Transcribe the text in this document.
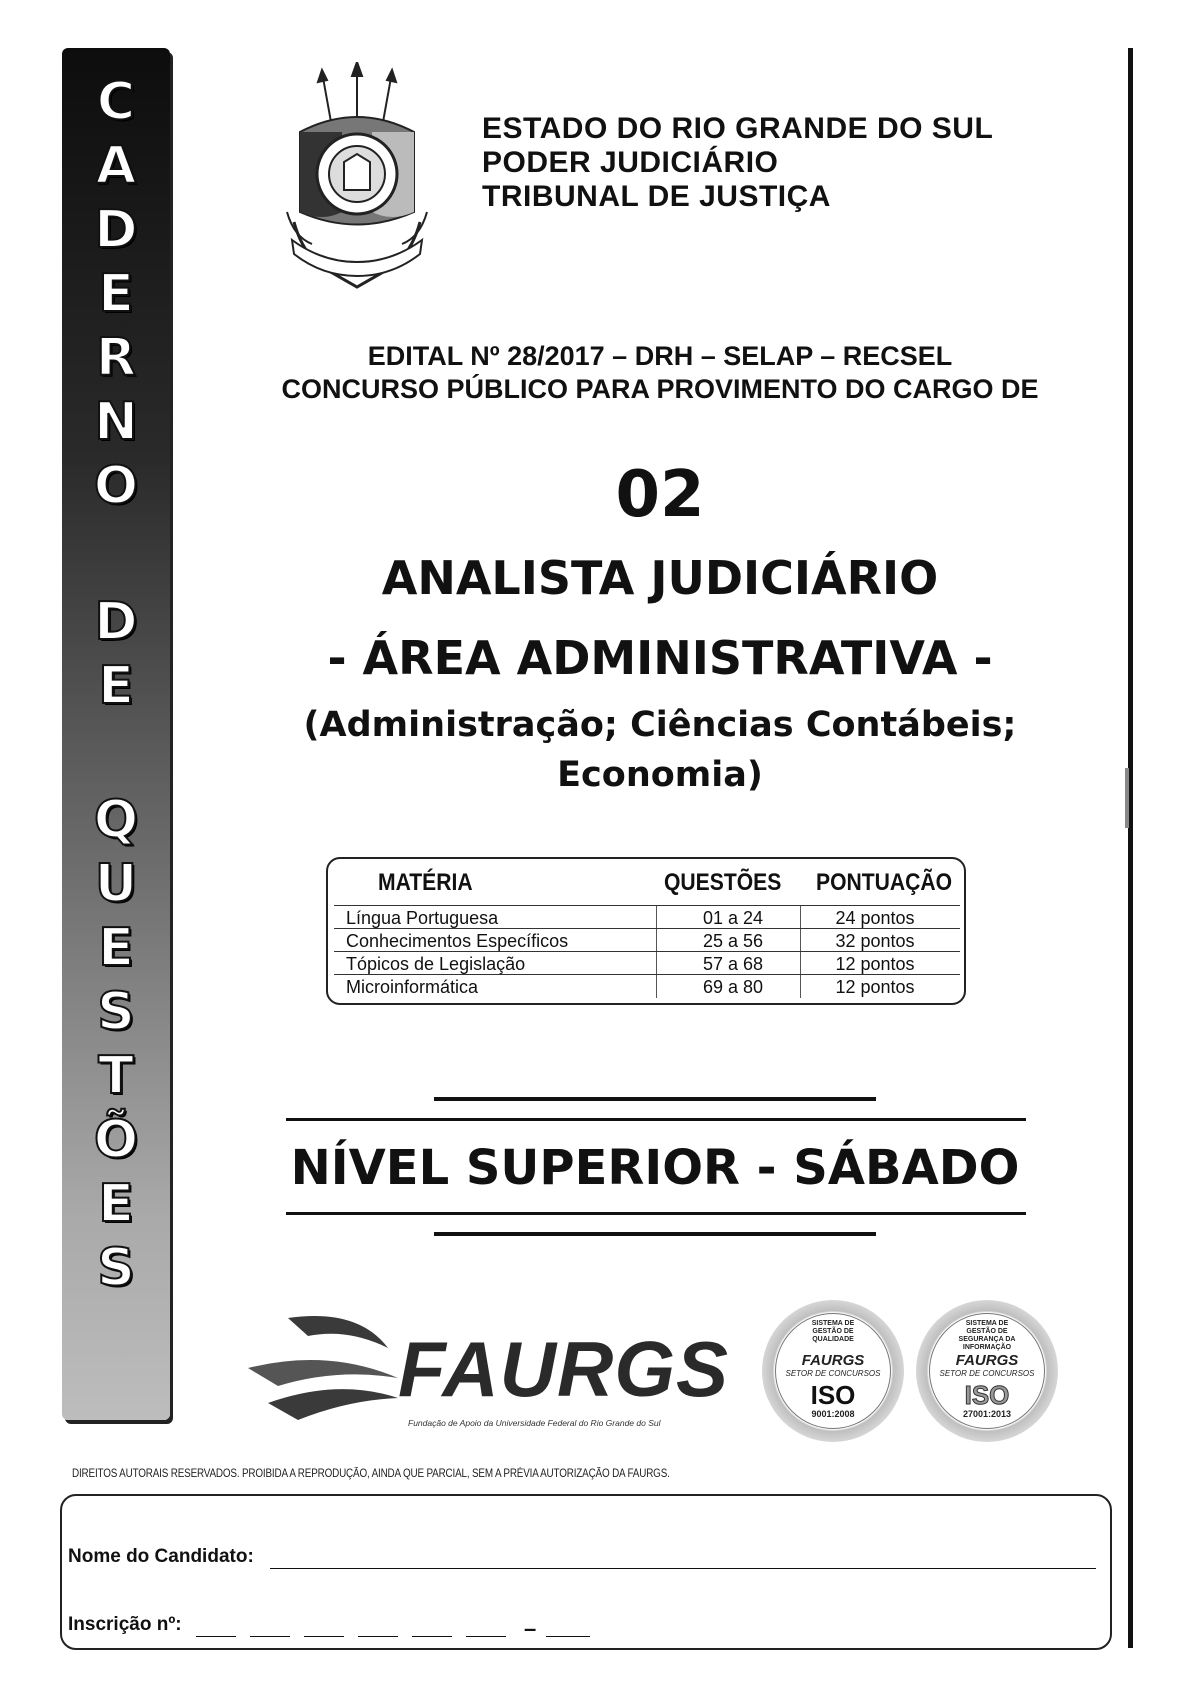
C
A
D
E
R
N
O
D
E
Q
U
E
S
T
Õ
E
S
ESTADO DO RIO GRANDE DO SUL
PODER JUDICIÁRIO
TRIBUNAL DE JUSTIÇA
EDITAL Nº 28/2017 – DRH – SELAP – RECSEL
CONCURSO PÚBLICO PARA PROVIMENTO DO CARGO DE
02
ANALISTA JUDICIÁRIO
- ÁREA ADMINISTRATIVA -
(Administração; Ciências Contábeis;
Economia)
MATÉRIA	QUESTÕES PONTUAÇÃO
Língua Portuguesa	01 a 24	24 pontos
Conhecimentos Específicos	25 a 56	32 pontos
Tópicos de Legislação	57 a 68	12 pontos
Microinformática	69 a 80	12 pontos
NÍVEL SUPERIOR - SÁBADO
FAURGS
Fundação de Apoio da Universidade Federal do Rio Grande do Sul
SISTEMA DE GESTÃO DE QUALIDADE
FAURGS
SETOR DE CONCURSOS
ISO
9001:2008
SISTEMA DE GESTÃO DE SEGURANÇA DA INFORMAÇÃO
FAURGS
SETOR DE CONCURSOS
ISO
27001:2013
DIREITOS AUTORAIS RESERVADOS. PROIBIDA A REPRODUÇÃO, AINDA QUE PARCIAL, SEM A PRÉVIA AUTORIZAÇÃO DA FAURGS.
Nome do Candidato:
Inscrição nº:	–
